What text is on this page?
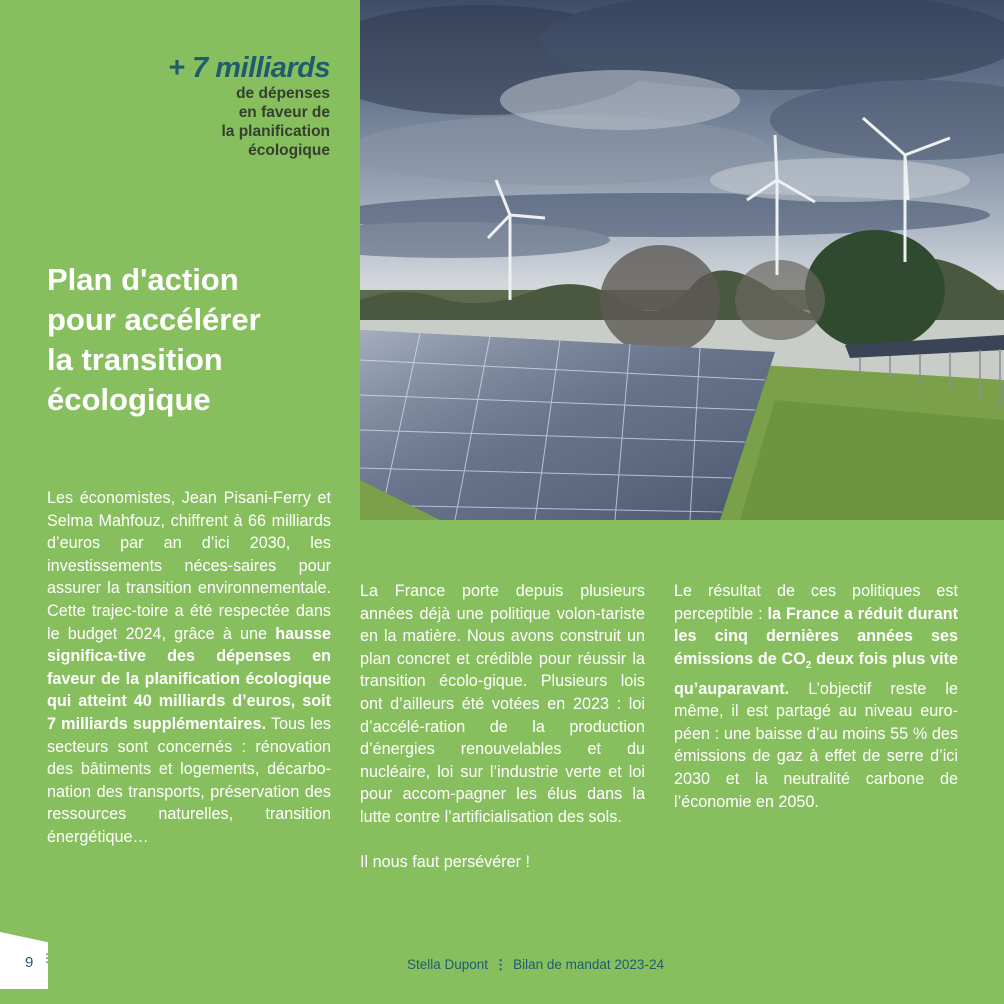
+ 7 milliards
de dépenses
en faveur de
la planification
écologique
Plan d'action
pour accélérer
la transition
écologique
Les économistes, Jean Pisani-Ferry et Selma Mahfouz, chiffrent à 66 milliards d’euros par an d’ici 2030, les investissements néces-saires pour assurer la transition environnementale. Cette trajec-toire a été respectée dans le budget 2024, grâce à une hausse significa-tive des dépenses en faveur de la planification écologique qui atteint 40 milliards d’euros, soit 7 milliards supplémentaires. Tous les secteurs sont concernés : rénovation des bâtiments et logements, décarbo-nation des transports, préservation des ressources naturelles, transition énergétique…

La France porte depuis plusieurs années déjà une politique volon-tariste en la matière. Nous avons construit un plan concret et crédible pour réussir la transition écolo-gique. Plusieurs lois ont d’ailleurs été votées en 2023 : loi d’accélé-ration de la production d’énergies renouvelables et du nucléaire, loi sur l’industrie verte et loi pour accom-pagner les élus dans la lutte contre l’artificialisation des sols.

Il nous faut persévérer !

Le résultat de ces politiques est perceptible : la France a réduit durant les cinq dernières années ses émissions de $CO_2$ deux fois plus vite qu’auparavant. L’objectif reste le même, il est partagé au niveau euro-péen : une baisse d’au moins 55 % des émissions de gaz à effet de serre d’ici 2030 et la neutralité carbone de l’économie en 2050.
9 ⋮	Stella Dupont ⋮ Bilan de mandat 2023-24
